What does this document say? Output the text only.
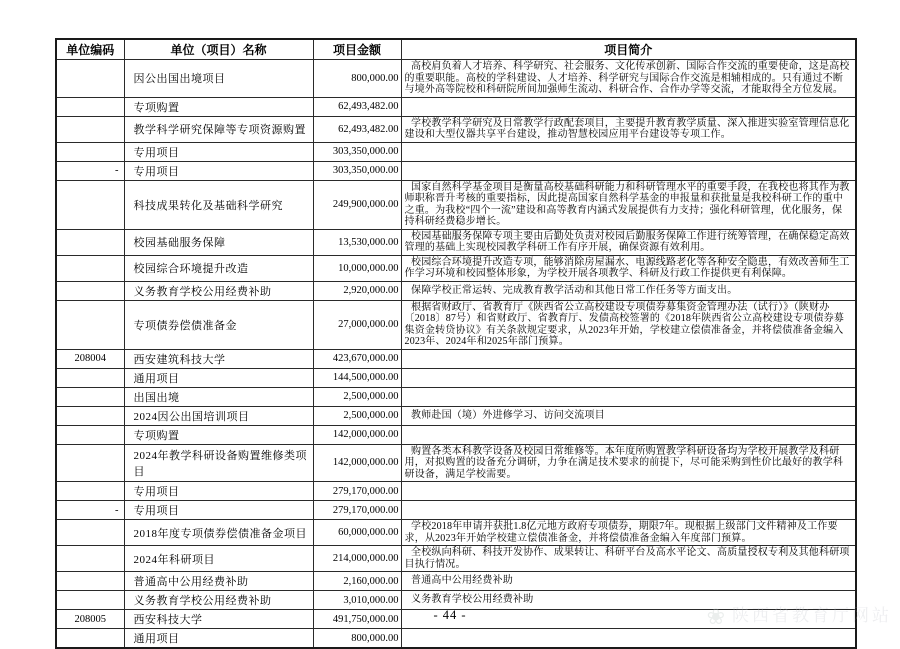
单位编码	单位（项目）名称	项目金额	项目简介
	因公出国出境项目	800,000.00	高校肩负着人才培养、科学研究、社会服务、文化传承创新、国际合作交流的重要使命，这是高校的重要职能。高校的学科建设、人才培养、科学研究与国际合作交流是相辅相成的。只有通过不断与境外高等院校和科研院所间加强师生流动、科研合作、合作办学等交流，才能取得全方位发展。
	专项购置	62,493,482.00	
	教学科学研究保障等专项资源购置	62,493,482.00	学校教学科学研究及日常教学行政配套项目，主要提升教育教学质量、深入推进实验室管理信息化建设和大型仪器共享平台建设，推动智慧校园应用平台建设等专项工作。
	专用项目	303,350,000.00	
-	专用项目	303,350,000.00	
	科技成果转化及基础科学研究	249,900,000.00	国家自然科学基金项目是衡量高校基础科研能力和科研管理水平的重要手段，在我校也将其作为教师职称晋升考核的重要指标，因此提高国家自然科学基金的申报量和获批量是我校科研工作的重中之重。为我校“四个一流”建设和高等教育内涵式发展提供有力支持；强化科研管理，优化服务，保持科研经费稳步增长。
	校园基础服务保障	13,530,000.00	校园基础服务保障专项主要由后勤处负责对校园后勤服务保障工作进行统筹管理，在确保稳定高效管理的基础上实现校园教学科研工作有序开展，确保资源有效利用。
	校园综合环境提升改造	10,000,000.00	校园综合环境提升改造专项，能够消除房屋漏水、电源线路老化等各种安全隐患，有效改善师生工作学习环境和校园整体形象，为学校开展各项教学、科研及行政工作提供更有利保障。
	义务教育学校公用经费补助	2,920,000.00	保障学校正常运转、完成教育教学活动和其他日常工作任务等方面支出。
	专项债券偿债准备金	27,000,000.00	根据省财政厅、省教育厅《陕西省公立高校建设专项债券募集资金管理办法（试行）》（陕财办〔2018〕87号）和省财政厅、省教育厅、发债高校签署的《2018年陕西省公立高校建设专项债券募集资金转贷协议》有关条款规定要求，从2023年开始，学校建立偿债准备金，并将偿债准备金编入2023年、2024年和2025年部门预算。
208004	西安建筑科技大学	423,670,000.00	
	通用项目	144,500,000.00	
	出国出境	2,500,000.00	
	2024因公出国培训项目	2,500,000.00	教师赴国（境）外进修学习、访问交流项目
	专项购置	142,000,000.00	
	2024年教学科研设备购置维修类项目	142,000,000.00	购置各类本科教学设备及校园日常维修等。本年度所购置教学科研设备均为学校开展教学及科研用，对拟购置的设备充分调研，力争在满足技术要求的前提下，尽可能采购到性价比最好的教学科研设备，满足学校需要。
	专用项目	279,170,000.00	
-	专用项目	279,170,000.00	
	2018年度专项债券偿债准备金项目	60,000,000.00	学校2018年申请并获批1.8亿元地方政府专项债券，期限7年。现根据上级部门文件精神及工作要求，从2023年开始学校建立偿债准备金，并将偿债准备金编入年度部门预算。
	2024年科研项目	214,000,000.00	全校纵向科研、科技开发协作、成果转让、科研平台及高水平论文、高质量授权专利及其他科研项目执行情况。
	普通高中公用经费补助	2,160,000.00	普通高中公用经费补助
	义务教育学校公用经费补助	3,010,000.00	义务教育学校公用经费补助
208005	西安科技大学	491,750,000.00	
	通用项目	800,000.00	
- 44 -	❀ 陕西省教育厅网站
